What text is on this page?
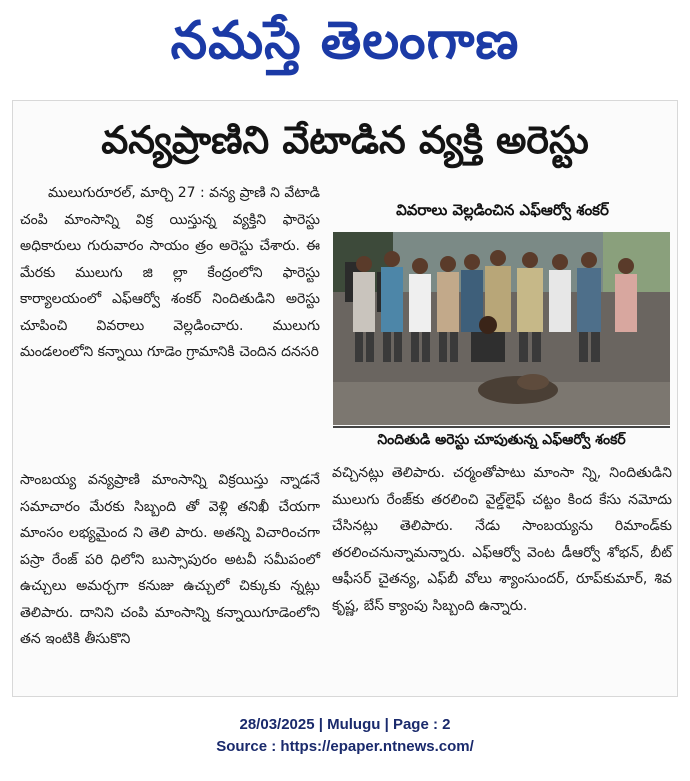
నమస్తే తెలంగాణ
వన్యప్రాణిని వేటాడిన వ్యక్తి అరెస్టు

ములుగురూరల్‌, మార్చి 27 : వన్య ప్రాణి ని వేటాడి చంపి మాంసాన్ని విక్ర యిస్తున్న వ్యక్తిని ఫారెస్టు అధికారులు గురువారం సాయం త్రం అరెస్టు చేశారు. ఈ మేరకు ములుగు జి ల్లా కేంద్రంలోని ఫారెస్టు కార్యాలయంలో ఎఫ్‌ఆర్వో శంకర్‌ నిందితుడిని అరెస్టు చూపించి వివరాలు వెల్లడించారు. ములుగు మండలంలోని కన్నాయి గూడెం గ్రామానికి చెందిన దనసరి

వివరాలు వెల్లడించిన ఎఫ్‌ఆర్వో శంకర్
నిందితుడి అరెస్టు చూపుతున్న ఎఫ్‌ఆర్వో శంకర్

సాంబయ్య వన్యప్రాణి మాంసాన్ని విక్రయిస్తు న్నాడనే సమాచారం మేరకు సిబ్బంది తో వెళ్లి తనిఖీ చేయగా మాంసం లభ్యమైంద ని తెలి పారు. అతన్ని విచారించగా పస్రా రేంజ్‌ పరి ధిలోని బుస్సాపురం అటవీ సమీపంలో ఉచ్చులు అమర్చగా కనుజు ఉచ్చులో చిక్కుకు న్నట్లు తెలిపారు. దానిని చంపి మాంసాన్ని కన్నాయిగూడెంలోని తన ఇంటికి తీసుకొని

వచ్చినట్లు తెలిపారు. చర్మంతోపాటు మాంసా న్ని, నిందితుడిని ములుగు రేంజ్‌కు తరలించి వైల్డ్‌లైఫ్‌ చట్టం కింద కేసు నమోదు చేసినట్లు తెలిపారు. నేడు సాంబయ్యను రిమాండ్‌కు తరలించనున్నామన్నారు. ఎఫ్‌ఆర్వో వెంట డీఆర్వో శోభన్‌, బీట్‌ ఆఫీసర్‌ చైతన్య, ఎఫ్‌బీ వోలు శ్యాంసుందర్‌, రూప్‌కుమార్‌, శివ కృష్ణ, బేస్‌ క్యాంపు సిబ్బంది ఉన్నారు.

28/03/2025 | Mulugu | Page : 2
Source : https://epaper.ntnews.com/
